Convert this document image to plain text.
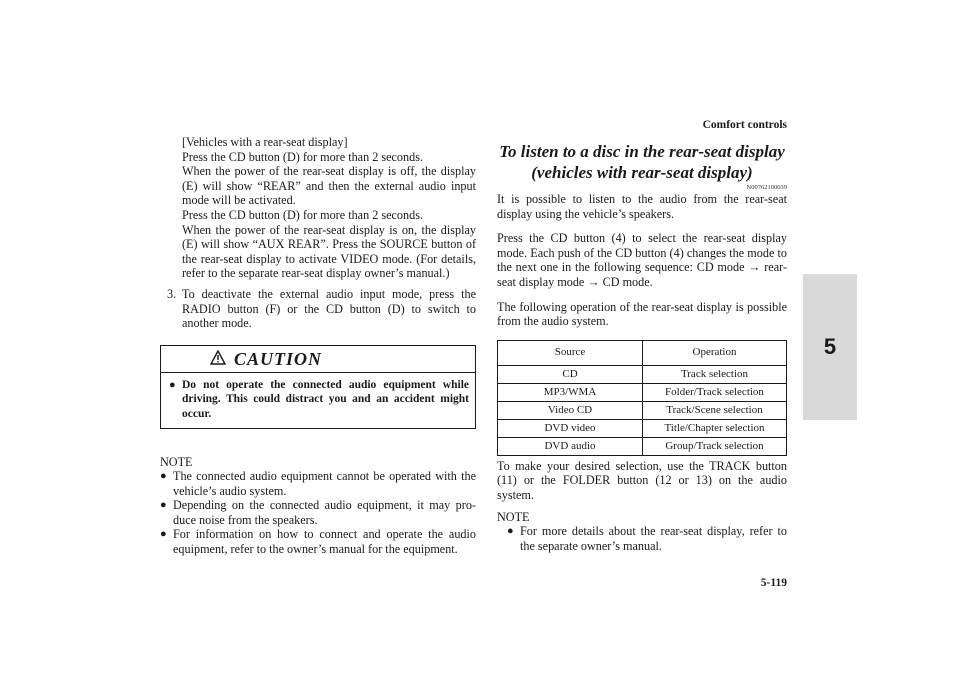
Comfort controls
5-119
5

[Vehicles with a rear-seat display]

Press the CD button (D) for more than 2 seconds.

When the power of the rear-seat display is off, the display (E) will show “REAR” and then the external audio input mode will be activated.

Press the CD button (D) for more than 2 seconds.

When the power of the rear-seat display is on, the display (E) will show “AUX REAR”. Press the SOURCE button of the rear-seat display to activate VIDEO mode. (For details, refer to the separate rear-seat display owner’s manual.)

3. To deactivate the external audio input mode, press the RADIO button (F) or the CD button (D) to switch to another mode.
CAUTION
● Do not operate the connected audio equipment while driving. This could distract you and an accident might occur.
NOTE
● The connected audio equipment cannot be operated with the vehicle’s audio system.
● Depending on the connected audio equipment, it may pro-duce noise from the speakers.
● For information on how to connect and operate the audio equipment, refer to the owner’s manual for the equipment.

To listen to a disc in the rear-seat display
(vehicles with rear-seat display)

N00762100039

It is possible to listen to the audio from the rear-seat display using the vehicle’s speakers.

Press the CD button (4) to select the rear-seat display mode. Each push of the CD button (4) changes the mode to the next one in the following sequence: CD mode → rear-seat display mode → CD mode.

The following operation of the rear-seat display is possible from the audio system.

Source	Operation
CD	Track selection
MP3/WMA	Folder/Track selection
Video CD	Track/Scene selection
DVD video	Title/Chapter selection
DVD audio	Group/Track selection

To make your desired selection, use the TRACK button (11) or the FOLDER button (12 or 13) on the audio system.

NOTE
● For more details about the rear-seat display, refer to the separate owner’s manual.
